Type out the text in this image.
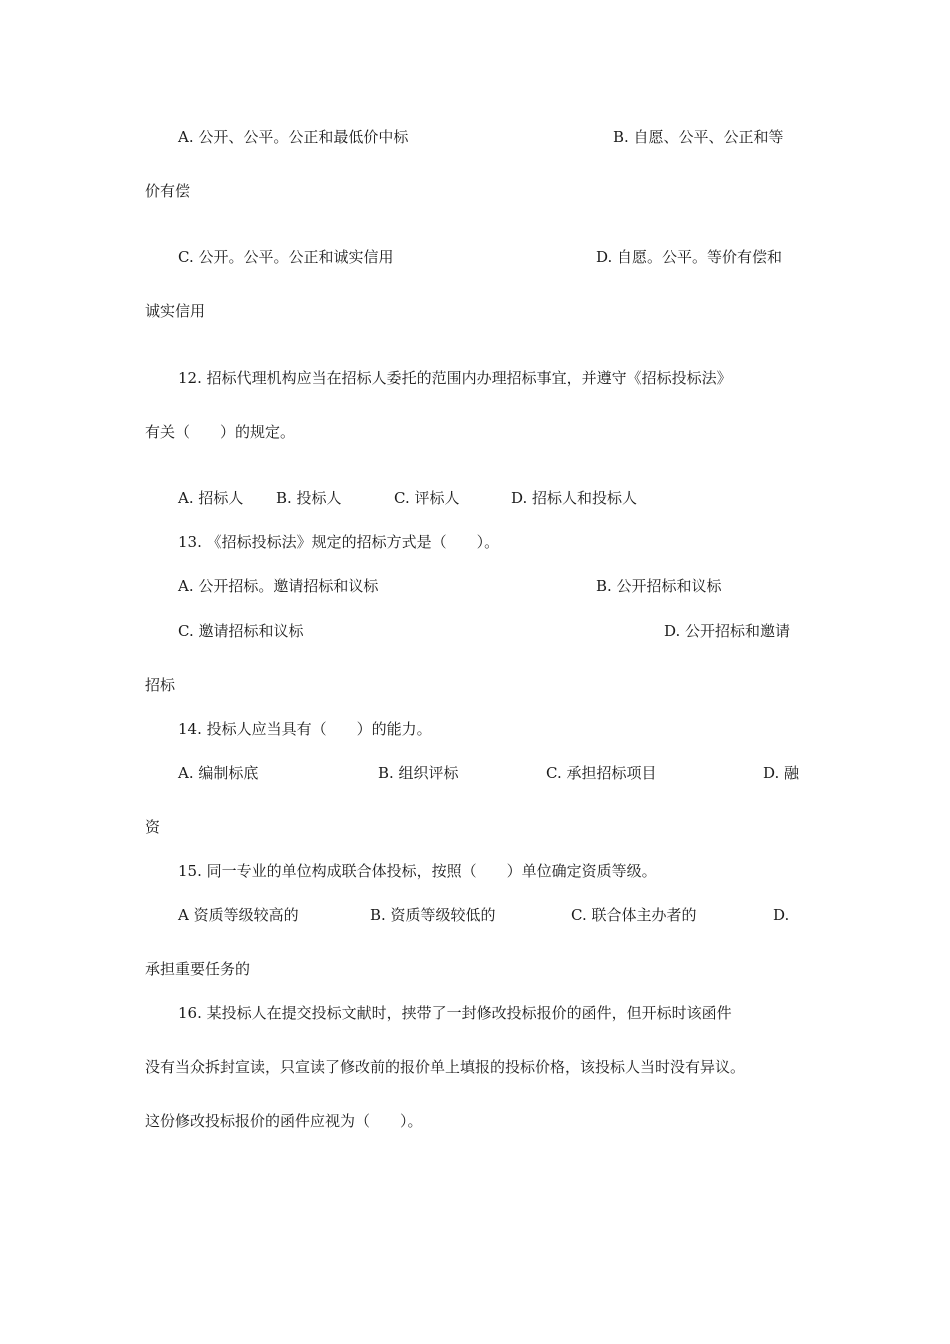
A. 公开、公平。公正和最低价中标	B. 自愿、公平、公正和等
价有偿
C. 公开。公平。公正和诚实信用	D. 自愿。公平。等价有偿和
诚实信用
12. 招标代理机构应当在招标人委托的范围内办理招标事宜，并遵守《招标投标法》
有关（　　）的规定。
A. 招标人 B. 投标人	C. 评标人	D. 招标人和投标人
13. 《招标投标法》规定的招标方式是（　　）。
A. 公开招标。邀请招标和议标	B. 公开招标和议标
C. 邀请招标和议标	D. 公开招标和邀请
招标
14. 投标人应当具有（　　）的能力。
A. 编制标底	B. 组织评标	C. 承担招标项目	D. 融
资
15. 同一专业的单位构成联合体投标，按照（　　）单位确定资质等级。
A 资质等级较高的	B. 资质等级较低的	C. 联合体主办者的	D.
承担重要任务的
16. 某投标人在提交投标文献时，挟带了一封修改投标报价的函件，但开标时该函件
没有当众拆封宣读，只宣读了修改前的报价单上填报的投标价格，该投标人当时没有异议。
这份修改投标报价的函件应视为（　　）。
